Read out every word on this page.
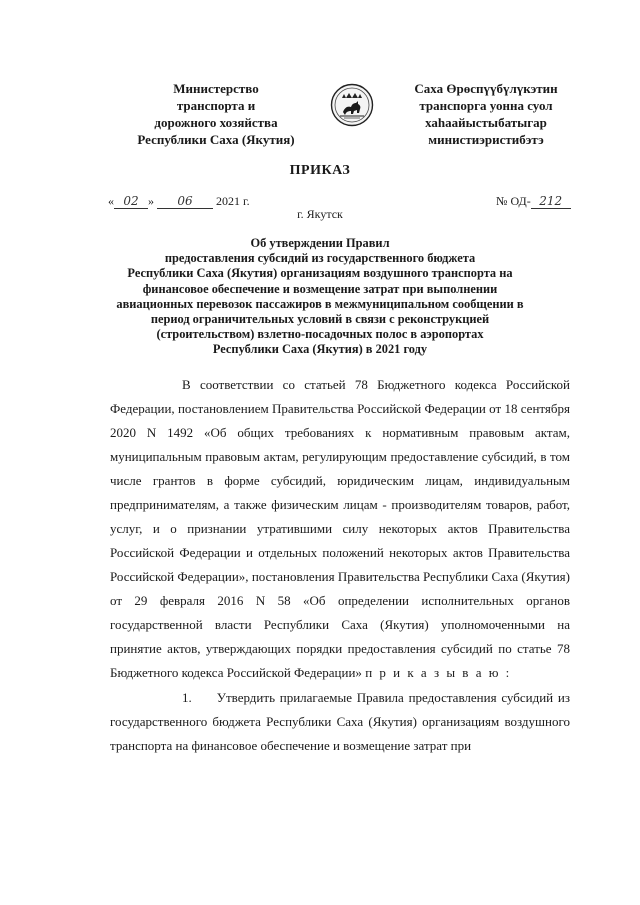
Министерство
транспорта и
дорожного хозяйства
Республики Саха (Якутия)
Саха Өрөспүүбүлүкэтин
транспорга уонна суол
хаһаайыстыбатыгар
министиэристибэтэ
ПРИКАЗ
« 02 » 06 2021 г.	№ ОД- 212
г. Якутск
Об утверждении Правил
предоставления субсидий из государственного бюджета
Республики Саха (Якутия) организациям воздушного транспорта на
финансовое обеспечение и возмещение затрат при выполнении
авиационных перевозок пассажиров в межмуниципальном сообщении в
период ограничительных условий в связи с реконструкцией
(строительством) взлетно-посадочных полос в аэропортах
Республики Саха (Якутия) в 2021 году

В соответствии со статьей 78 Бюджетного кодекса Российской Федерации, постановлением Правительства Российской Федерации от 18 сентября 2020 N 1492 «Об общих требованиях к нормативным правовым актам, муниципальным правовым актам, регулирующим предоставление субсидий, в том числе грантов в форме субсидий, юридическим лицам, индивидуальным предпринимателям, а также физическим лицам - производителям товаров, работ, услуг, и о признании утратившими силу некоторых актов Правительства Российской Федерации и отдельных положений некоторых актов Правительства Российской Федерации», постановления Правительства Республики Саха (Якутия) от 29 февраля 2016 N 58 «Об определении исполнительных органов государственной власти Республики Саха (Якутия) уполномоченными на принятие актов, утверждающих порядки предоставления субсидий по статье 78 Бюджетного кодекса Российской Федерации» п р и к а з ы в а ю :

1. Утвердить прилагаемые Правила предоставления субсидий из государственного бюджета Республики Саха (Якутия) организациям воздушного транспорта на финансовое обеспечение и возмещение затрат при
